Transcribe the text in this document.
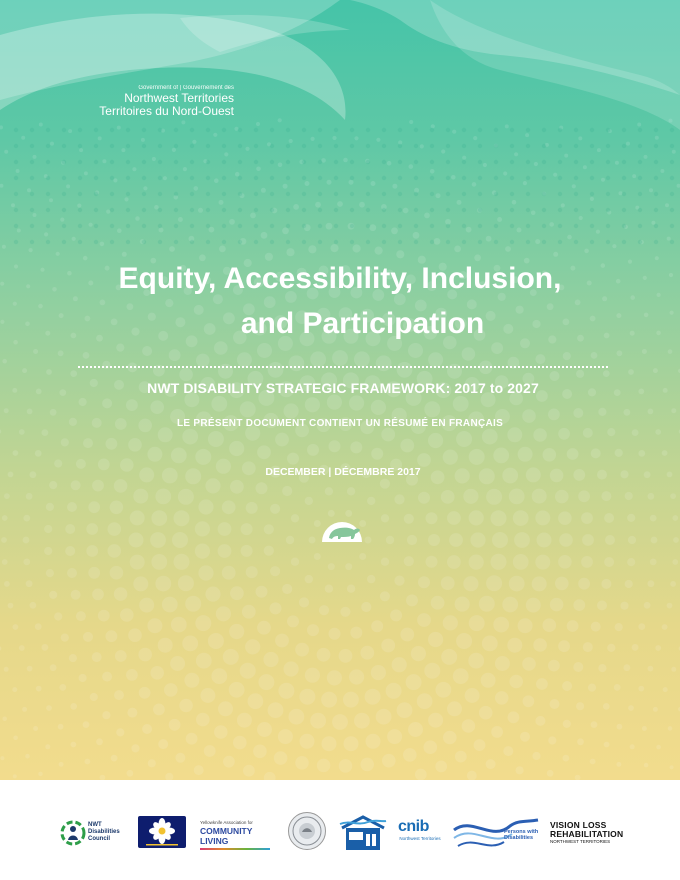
Government of | Gouvernement des
Northwest Territories
Territoires du Nord-Ouest
Equity, Accessibility, Inclusion,
and Participation
NWT DISABILITY STRATEGIC FRAMEWORK: 2017 to 2027
LE PRÉSENT DOCUMENT CONTIENT UN RÉSUMÉ EN FRANÇAIS
DECEMBER | DÉCEMBRE 2017
NWT Disabilities Council
Yellowknife Association for
COMMUNITY LIVING
cnib
Northwest Territories
Persons with Disabilities
VISION LOSS
REHABILITATION
NORTHWEST TERRITORIES
